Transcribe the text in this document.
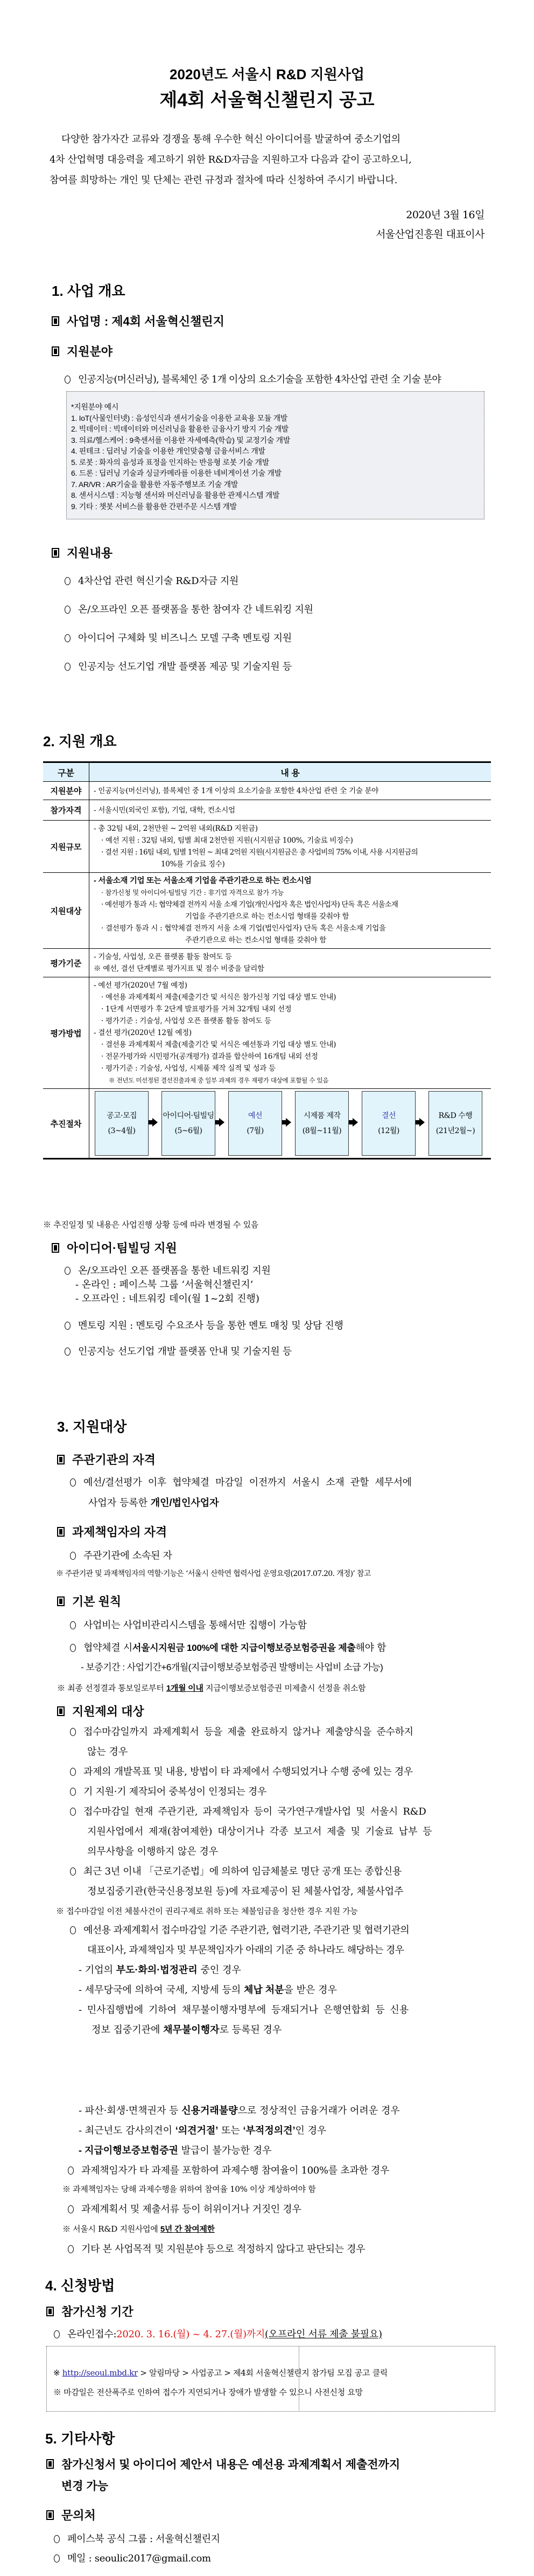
2020년도 서울시 R&D 지원사업
제4회 서울혁신챌린지 공고
다양한 참가자간 교류와 경쟁을 통해 우수한 혁신 아이디어를 발굴하여 중소기업의
4차 산업혁명 대응력을 제고하기 위한 R&D자금을 지원하고자 다음과 같이 공고하오니,
참여를 희망하는 개인 및 단체는 관련 규정과 절차에 따라 신청하여 주시기 바랍니다.
2020년 3월 16일
서울산업진흥원 대표이사
1. 사업 개요
사업명 : 제4회 서울혁신챌린지
지원분야
인공지능(머신러닝), 블록체인 중 1개 이상의 요소기술을 포함한 4차산업 관련 全 기술 분야
*지원분야 예시
1. IoT(사물인터넷) : 음성인식과 센서기술을 이용한 교육용 모듈 개발
2. 빅데이터 : 빅데이터와 머신러닝을 활용한 금융사기 방지 기술 개발
3. 의료/헬스케어 : 9축센서를 이용한 자세예측(학습) 및 교정기술 개발
4. 핀테크 : 딥러닝 기술을 이용한 개인맞춤형 금융서비스 개발
5. 로봇 : 화자의 음성과 표정을 인지하는 반응형 로봇 기술 개발
6. 드론 : 딥러닝 기술과 싱글카메라를 이용한 네비게이션 기술 개발
7. AR/VR : AR기술을 활용한 자동주행보조 기술 개발
8. 센서시스템 : 지능형 센서와 머신러닝을 활용한 관제시스템 개발
9. 기타 : 챗봇 서비스를 활용한 간편주문 시스템 개발
지원내용
4차산업 관련 혁신기술 R&D자금 지원
온/오프라인 오픈 플랫폼을 통한 참여자 간 네트워킹 지원
아이디어 구체화 및 비즈니스 모델 구축 멘토링 지원
인공지능 선도기업 개발 플랫폼 제공 및 기술지원 등
2. 지원 개요
구분	내 용
지원분야	- 인공지능(머신러닝), 블록체인 중 1개 이상의 요소기술을 포함한 4차산업 관련 全 기술 분야

참가자격	- 서울시민(외국인 포함), 기업, 대학, 컨소시엄

지원규모	- 총 32팀 내외, 2천만원 ~ 2억원 내외(R&D 지원금)
· 예선 지원 : 32팀 내외, 팀별 최대 2천만원 지원(시지원금 100%, 기술료 비징수)
· 결선 지원 : 16팀 내외, 팀별 1억원 ~ 최대 2억원 지원(시지원금은 총 사업비의 75% 이내, 사용 시지원금의
10%를 기술료 징수)

지원대상	
- 서울소재 기업 또는 서울소재 기업을 주관기관으로 하는 컨소시엄
· 참가신청 및 아이디어·팀빌딩 기간 : 非기업 자격으로 참가 가능
· 예선평가 통과 시: 협약체결 전까지 서울 소재 기업(개인사업자 혹은 법인사업자) 단독 혹은 서울소재
기업을 주관기관으로 하는 컨소시엄 형태를 갖춰야 함
· 결선평가 통과 시 : 협약체결 전까지 서울 소재 기업(법인사업자) 단독 혹은 서울소재 기업을
주관기관으로 하는 컨소시엄 형태를 갖춰야 함

평가기준	- 기술성, 사업성, 오픈 플랫폼 활동 참여도 등
※ 예선, 결선 단계별로 평가지표 및 점수 비중을 달리함

평가방법	
- 예선 평가(2020년 7월 예정)
· 예선용 과제계획서 제출(제출기간 및 서식은 참가신청 기업 대상 별도 안내)
· 1단계 서면평가 후 2단계 발표평가를 거쳐 32개팀 내외 선정
· 평가기준 : 기술성, 사업성 오픈 플랫폼 활동 참여도 등
- 결선 평가(2020년 12월 예정)
· 결선용 과제계획서 제출(제출기간 및 서식은 예선통과 기업 대상 별도 안내)
· 전문가평가와 시민평가(공개평가) 결과를 합산하여 16개팀 내외 선정
· 평가기준 : 기술성, 사업성, 시제품 제작 실적 및 성과 등
※ 전년도 미선정된 결선진출과제 중 일부 과제의 경우 재평가 대상에 포함될 수 있음

추진절차	
공고·모집
(3~4월)
아이디어·팀빌딩
(5~6월)
예선
(7월)
시제품 제작
(8월~11월)
결선
(12월)
R&D 수행
(21년2월~)
※ 추진일정 및 내용은 사업진행 상황 등에 따라 변경될 수 있음
아이디어·팀빌딩 지원
온/오프라인 오픈 플랫폼을 통한 네트워킹 지원
- 온라인 : 페이스북 그룹 ‘서울혁신챌린지’
- 오프라인 : 네트워킹 데이(월 1~2회 진행)
멘토링 지원 : 멘토링 수요조사 등을 통한 멘토 매칭 및 상담 진행
인공지능 선도기업 개발 플랫폼 안내 및 기술지원 등
3. 지원대상
주관기관의 자격
예선/결선평가 이후 협약체결 마감일 이전까지 서울시 소재 관할 세무서에
사업자 등록한 개인/법인사업자
과제책임자의 자격
주관기관에 소속된 자
※ 주관기관 및 과제책임자의 역할·기능은 ‘서울시 산학연 협력사업 운영요령(2017.07.20. 개정)’ 참고
기본 원칙
사업비는 사업비관리시스템을 통해서만 집행이 가능함
협약체결 시 서울시지원금 100%에 대한 지급이행보증보험증권을 제출 해야 함
- 보증기간 : 사업기간+6개월(지급이행보증보험증권 발행비는 사업비 소급 가능)
※ 최종 선정결과 통보일로부터 1개월 이내 지급이행보증보험증권 미제출시 선정을 취소함
지원제외 대상
접수마감일까지 과제계획서 등을 제출 완료하지 않거나 제출양식을 준수하지
않는 경우
과제의 개발목표 및 내용, 방법이 타 과제에서 수행되었거나 수행 중에 있는 경우
기 지원·기 제작되어 중복성이 인정되는 경우
접수마감일 현재 주관기관, 과제책임자 등이 국가연구개발사업 및 서울시 R&D
지원사업에서 제재(참여제한) 대상이거나 각종 보고서 제출 및 기술료 납부 등
의무사항을 이행하지 않은 경우
최근 3년 이내 「근로기준법」에 의하여 임금체불로 명단 공개 또는 종합신용
정보집중기관(한국신용정보원 등)에 자료제공이 된 체불사업장, 체불사업주
※ 접수마감일 이전 체불사건이 권리구제로 취하 또는 체불임금을 청산한 경우 지원 가능
예선용 과제계획서 접수마감일 기준 주관기관, 협력기관, 주관기관 및 협력기관의
대표이사, 과제책임자 및 부문책임자가 아래의 기준 중 하나라도 해당하는 경우
- 기업의 부도·화의·법정관리 중인 경우
- 세무당국에 의하여 국세, 지방세 등의 체납 처분을 받은 경우
- 민사집행법에 기하여 채무불이행자명부에 등재되거나 은행연합회 등 신용
정보 집중기관에 채무불이행자로 등록된 경우
- 파산·회생·면책권자 등 신용거래불량으로 정상적인 금융거래가 어려운 경우
- 최근년도 감사의견이 ‘의견거절’ 또는 ‘부적정의견’인 경우
- 지급이행보증보험증권 발급이 불가능한 경우
과제책임자가 타 과제를 포함하여 과제수행 참여율이 100%를 초과한 경우
※ 과제책임자는 당해 과제수행을 위하여 참여율 10% 이상 계상하여야 함
과제계획서 및 제출서류 등이 허위이거나 거짓인 경우
※ 서울시 R&D 지원사업에 5년 간 참여제한
기타 본 사업목적 및 지원분야 등으로 적정하지 않다고 판단되는 경우
4. 신청방법
참가신청 기간
온라인접수: 2020. 3. 16.(월) ~ 4. 27.(월)까지 (오프라인 서류 제출 불필요)
※ http://seoul.mbd.kr > 알림마당 > 사업공고 > 제4회 서울혁신챌린지 참가팀 모집 공고 클릭
※ 마감일은 전산폭주로 인하여 접수가 지연되거나 장애가 발생할 수 있으니 사전신청 요망
5. 기타사항
참가신청서 및 아이디어 제안서 내용은 예선용 과제계획서 제출전까지
변경 가능
문의처
페이스북 공식 그룹 : 서울혁신챌린지
메일 : seoulic2017@gmail.com
